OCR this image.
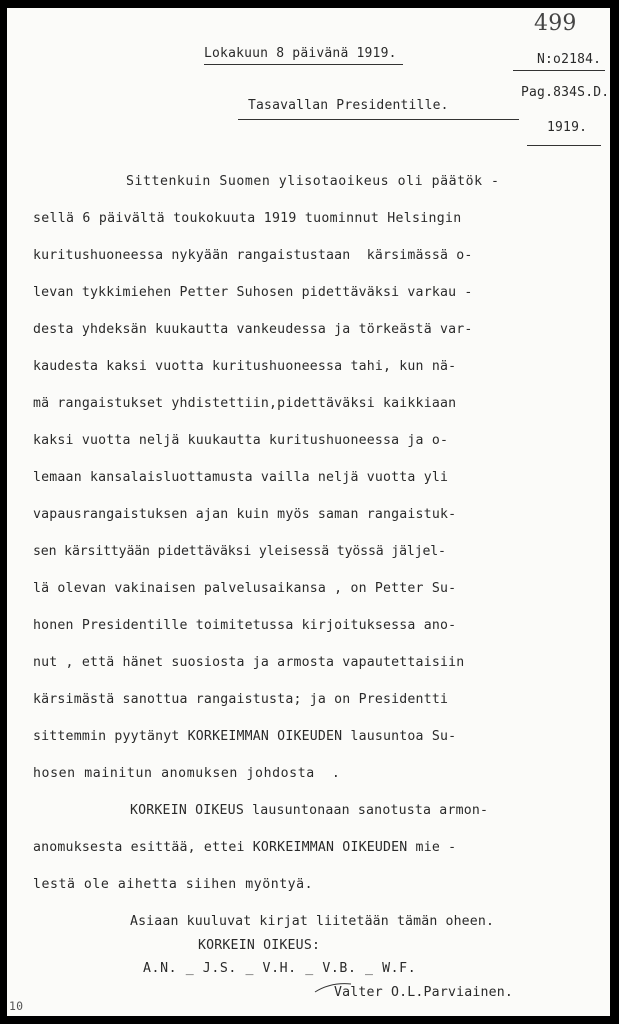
499
Lokakuun 8 päivänä 1919.	N:o2184.
Pag.834S.D.
Tasavallan Presidentille.
1919.
Sittenkuin Suomen ylisotaoikeus oli päätök -
sellä 6 päivältä toukokuuta 1919 tuominnut Helsingin
kuritushuoneessa nykyään rangaistustaan  kärsimässä o-
levan tykkimiehen Petter Suhosen pidettäväksi varkau -
desta yhdeksän kuukautta vankeudessa ja törkeästä var-
kaudesta kaksi vuotta kuritushuoneessa tahi, kun nä-
mä rangaistukset yhdistettiin,pidettäväksi kaikkiaan
kaksi vuotta neljä kuukautta kuritushuoneessa ja o-
lemaan kansalaisluottamusta vailla neljä vuotta yli
vapausrangaistuksen ajan kuin myös saman rangaistuk-
sen kärsittyään pidettäväksi yleisessä työssä jäljel-
lä olevan vakinaisen palvelusaikansa , on Petter Su-
honen Presidentille toimitetussa kirjoituksessa ano-
nut , että hänet suosiosta ja armosta vapautettaisiin
kärsimästä sanottua rangaistusta; ja on Presidentti
sittemmin pyytänyt KORKEIMMAN OIKEUDEN lausuntoa Su-
hosen mainitun anomuksen johdosta  .
KORKEIN OIKEUS lausuntonaan sanotusta armon-
anomuksesta esittää, ettei KORKEIMMAN OIKEUDEN mie -
lestä ole aihetta siihen myöntyä.
Asiaan kuuluvat kirjat liitetään tämän oheen.
KORKEIN OIKEUS:
A.N. _ J.S. _ V.H. _ V.B. _ W.F.
Valter O.L.Parviainen.
10
